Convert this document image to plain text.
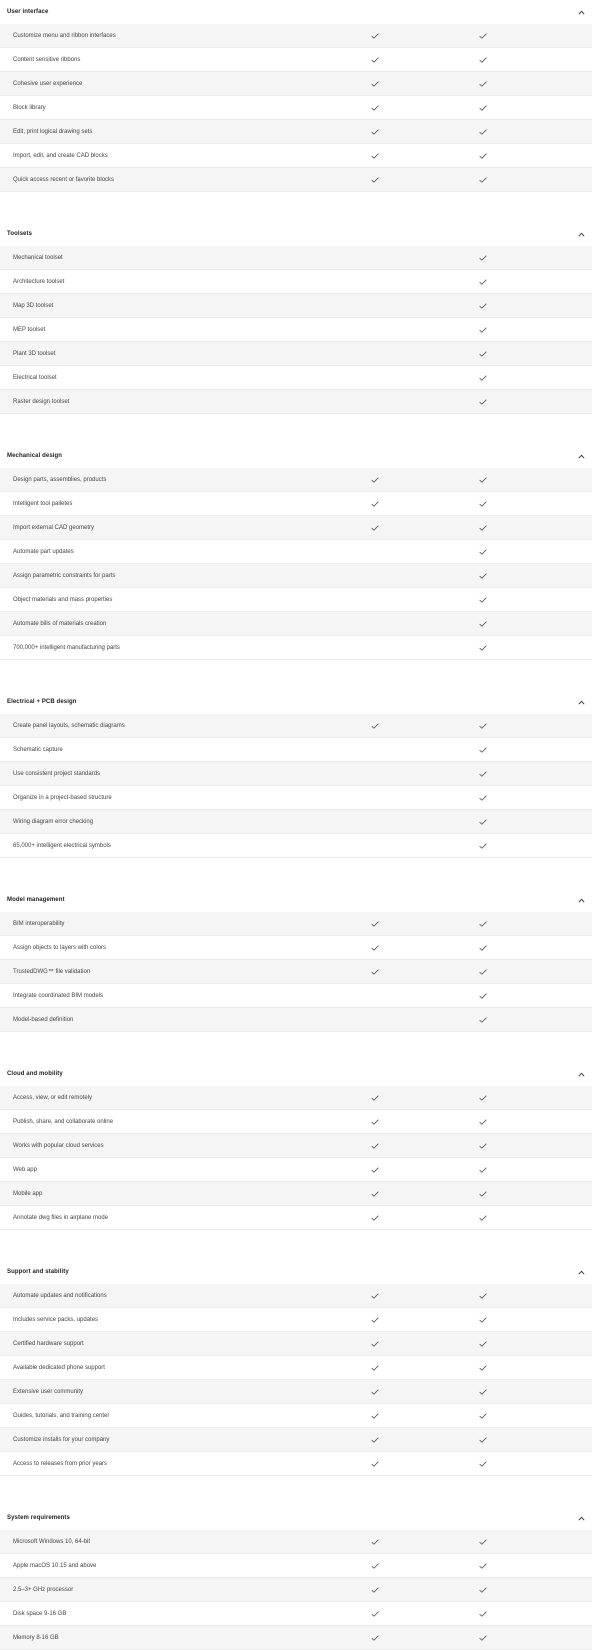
User interface
Customize menu and ribbon interfaces
Content sensitive ribbons
Cohesive user experience
Block library
Edit, print logical drawing sets
Import, edit, and create CAD blocks
Quick access recent or favorite blocks
Toolsets
Mechanical toolset
Architecture toolset
Map 3D toolset
MEP toolset
Plant 3D toolset
Electrical toolset
Raster design toolset
Mechanical design
Design parts, assemblies, products
Intelligent tool palletes
Import external CAD geometry
Automate part updates
Assign parametric constraints for parts
Object materials and mass properties
Automate bills of materials creation
700,000+ intelligent manufacturing parts
Electrical + PCB design
Create panel layouts, schematic diagrams
Schematic capture
Use consistent project standards
Organize in a project-based structure
Wiring diagram error checking
65,000+ intelligent electrical symbols
Model management
BIM interoperability
Assign objects to layers with colors
TrustedDWG™ file validation
Integrate coordinated BIM models
Model-based definition
Cloud and mobility
Access, view, or edit remotely
Publish, share, and collaborate online
Works with popular cloud services
Web app
Mobile app
Annotate dwg files in airplane mode
Support and stability
Automate updates and notifications
Includes service packs, updates
Certified hardware support
Available dedicated phone support
Extensive user community
Guides, tutorials, and training center
Customize installs for your company
Access to releases from prior years
System requirements
Microsoft Windows 10, 64-bit
Apple macOS 10.15 and above
2.5–3+ GHz processor
Disk space 9-16 GB
Memory 8-16 GB
